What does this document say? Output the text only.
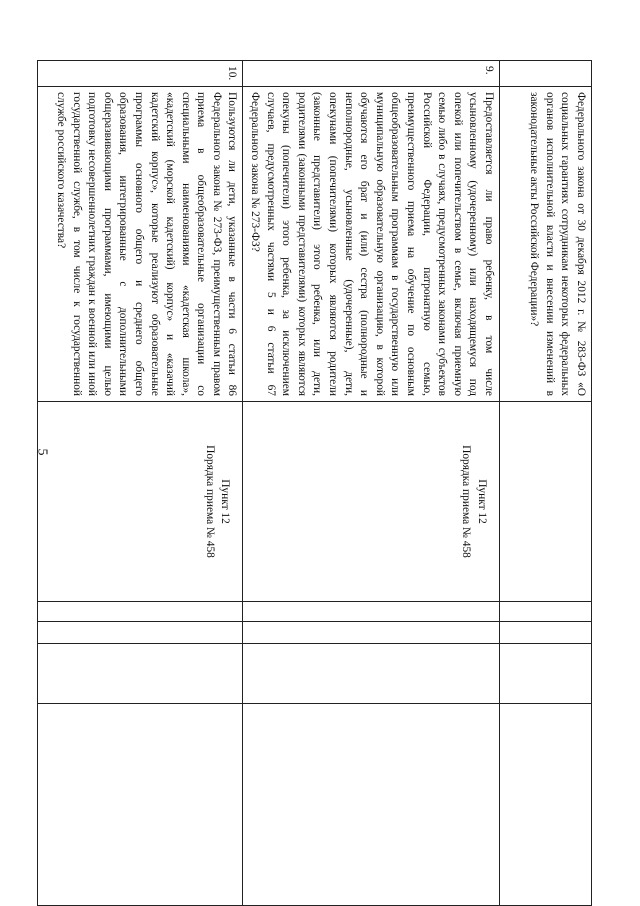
5
	Федерального закона от 30 декабря 2012 г. № 283-ФЗ «О социальных гарантиях сотрудникам некоторых федеральных органов исполнительной власти и внесении изменений в законодательные акты Российской Федерации»?	

9.	Предоставляется ли право ребенку, в том числе усыновленному (удочеренному) или находящемуся под опекой или попечительством в семье, включая приемную семью либо в случаях, предусмотренных законами субъектов Российской Федерации, патронатную семью, преимущественного приема на обучение по основным общеобразовательным программам в государственную или муниципальную образовательную организацию, в которой обучаются его брат и (или) сестра (полнородные и неполнородные, усыновленные (удочеренные), дети, опекунами (попечителями) которых являются родители (законные представители) этого ребенка, или дети, родителями (законными представителями) которых являются опекуны (попечители) этого ребенка, за исключением случаев, предусмотренных частями 5 и 6 статьи 67 Федерального закона № 273-ФЗ?	Пункт 12
Порядка приема № 458				

10.	Пользуются ли дети, указанные в части 6 статьи 86 Федерального закона № 273-ФЗ, преимущественным правом приема в общеобразовательные организации со специальными наименованиями «кадетская школа», «кадетский (морской кадетский) корпус» и «казачий кадетский корпус», которые реализуют образовательные программы основного общего и среднего общего образования, интегрированные с дополнительными общеразвивающими программами, имеющими целью подготовку несовершеннолетних граждан к военной или иной государственной службе, в том числе к государственной службе российского казачества?	Пункт 12
Порядка приема № 458				
